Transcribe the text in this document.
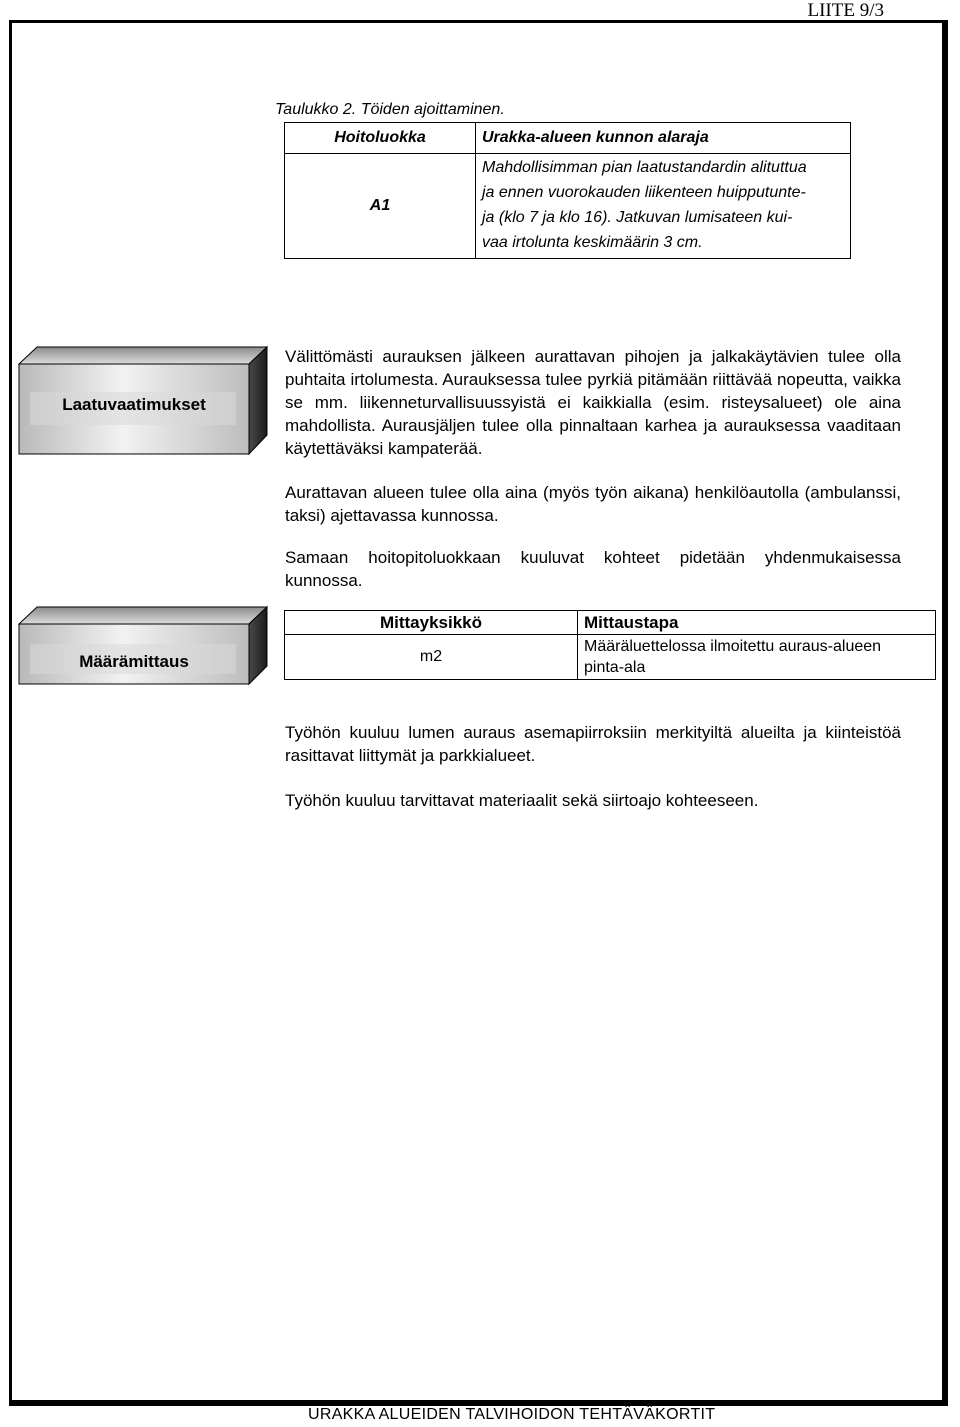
LIITE 9/3
Taulukko 2. Töiden ajoittaminen.
Hoitoluokka	Urakka-alueen kunnon alaraja
A1	Mahdollisimman pian laatustandardin alituttua
ja ennen vuorokauden liikenteen huipputunte-
ja (klo 7 ja klo 16). Jatkuvan lumisateen kui-
vaa irtolunta keskimäärin 3 cm.
Laatuvaatimukset

Välittömästi aurauksen jälkeen aurattavan pihojen ja jalkakäytävien tulee olla puhtaita irtolumesta. Aurauksessa tulee pyrkiä pitämään riittävää nopeutta, vaikka se mm. liikenneturvallisuussyistä ei kaikkialla (esim. risteysalueet) ole aina mahdollista. Aurausjäljen tulee olla pinnaltaan karhea ja aurauksessa vaaditaan käytettäväksi kampaterää.

Aurattavan alueen tulee olla aina (myös työn aikana) henkilöautolla (ambulanssi, taksi) ajettavassa kunnossa.

Samaan hoitopitoluokkaan kuuluvat kohteet pidetään yhdenmukaisessa kunnossa.

Määrämittaus
Mittayksikkö	Mittaustapa
m2	Määräluettelossa ilmoitettu auraus-alueen pinta-ala

Työhön kuuluu lumen auraus asemapiirroksiin merkityiltä alueilta ja kiinteistöä rasittavat liittymät ja parkkialueet.

Työhön kuuluu tarvittavat materiaalit sekä siirtoajo kohteeseen.

URAKKA ALUEIDEN TALVIHOIDON TEHTÄVÄKORTIT
